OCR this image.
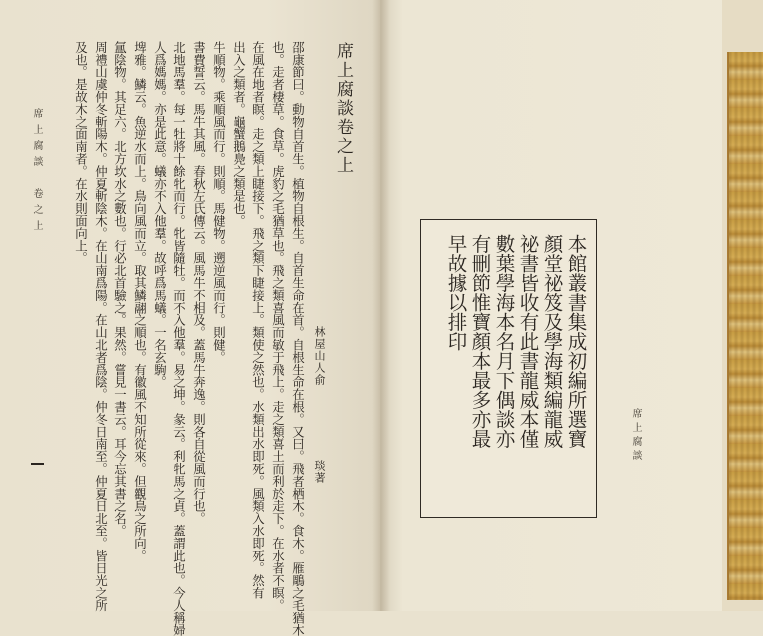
席上腐談　卷之上	邵康節曰。動物自首生。植物自根生。自首生命在首。自根生命在根。又曰。飛者栖木。食木。雁鵰之毛猶木
也。走者棲草。食草。虎豹之毛猶草也。飛之類喜風而敏于飛上。走之類喜土而利於走下。在水者不瞑。
在風在地者瞑。走之類上睫接下。飛之類下睫接上。類使之然也。水類出水即死。風類入水即死。然有
出入之類者。龜蟹鵝鳧之類是也。
牛順物。乘順風而行。則順。馬健物。遡逆風而行。則健。
書費誓云。馬牛其風。春秋左氏傳云。風馬牛不相及。蓋馬牛奔逸。則各自從風而行也。
北地馬羣。每一牡將十餘牝而行。牝皆隨牡。而不入他羣。易之坤。彖云。利牝馬之貞。蓋謂此也。今人稱婦
人爲媽媽。亦是此意。蟻亦不入他羣。故呼爲馬蟻。一名玄駒。
埤雅。鱗云。魚逆水而上。鳥向風而立。取其鱗翮之順也。有徽風不知所從來。但觀鳥之所向。
氲陰物。其足六。北方坎水之數也。行必北首驗之。果然。嘗見一書云。耳今忘其書之名。
周禮山虞仲冬斬陽木。仲夏斬陰木。在山南爲陽。在山北者爲陰。仲冬日南至。仲夏日北至。皆日光之所
及也。是故木之面南者。在水則面向上。	席上腐談卷之上
林屋山人俞
琰著
本館叢書集成初編所選寶
顏堂祕笈及學海類編龍威
祕書皆收有此書龍威本僅
數葉學海本名月下偶談亦
有刪節惟寶顏本最多亦最
早故據以排印
席上腐談
